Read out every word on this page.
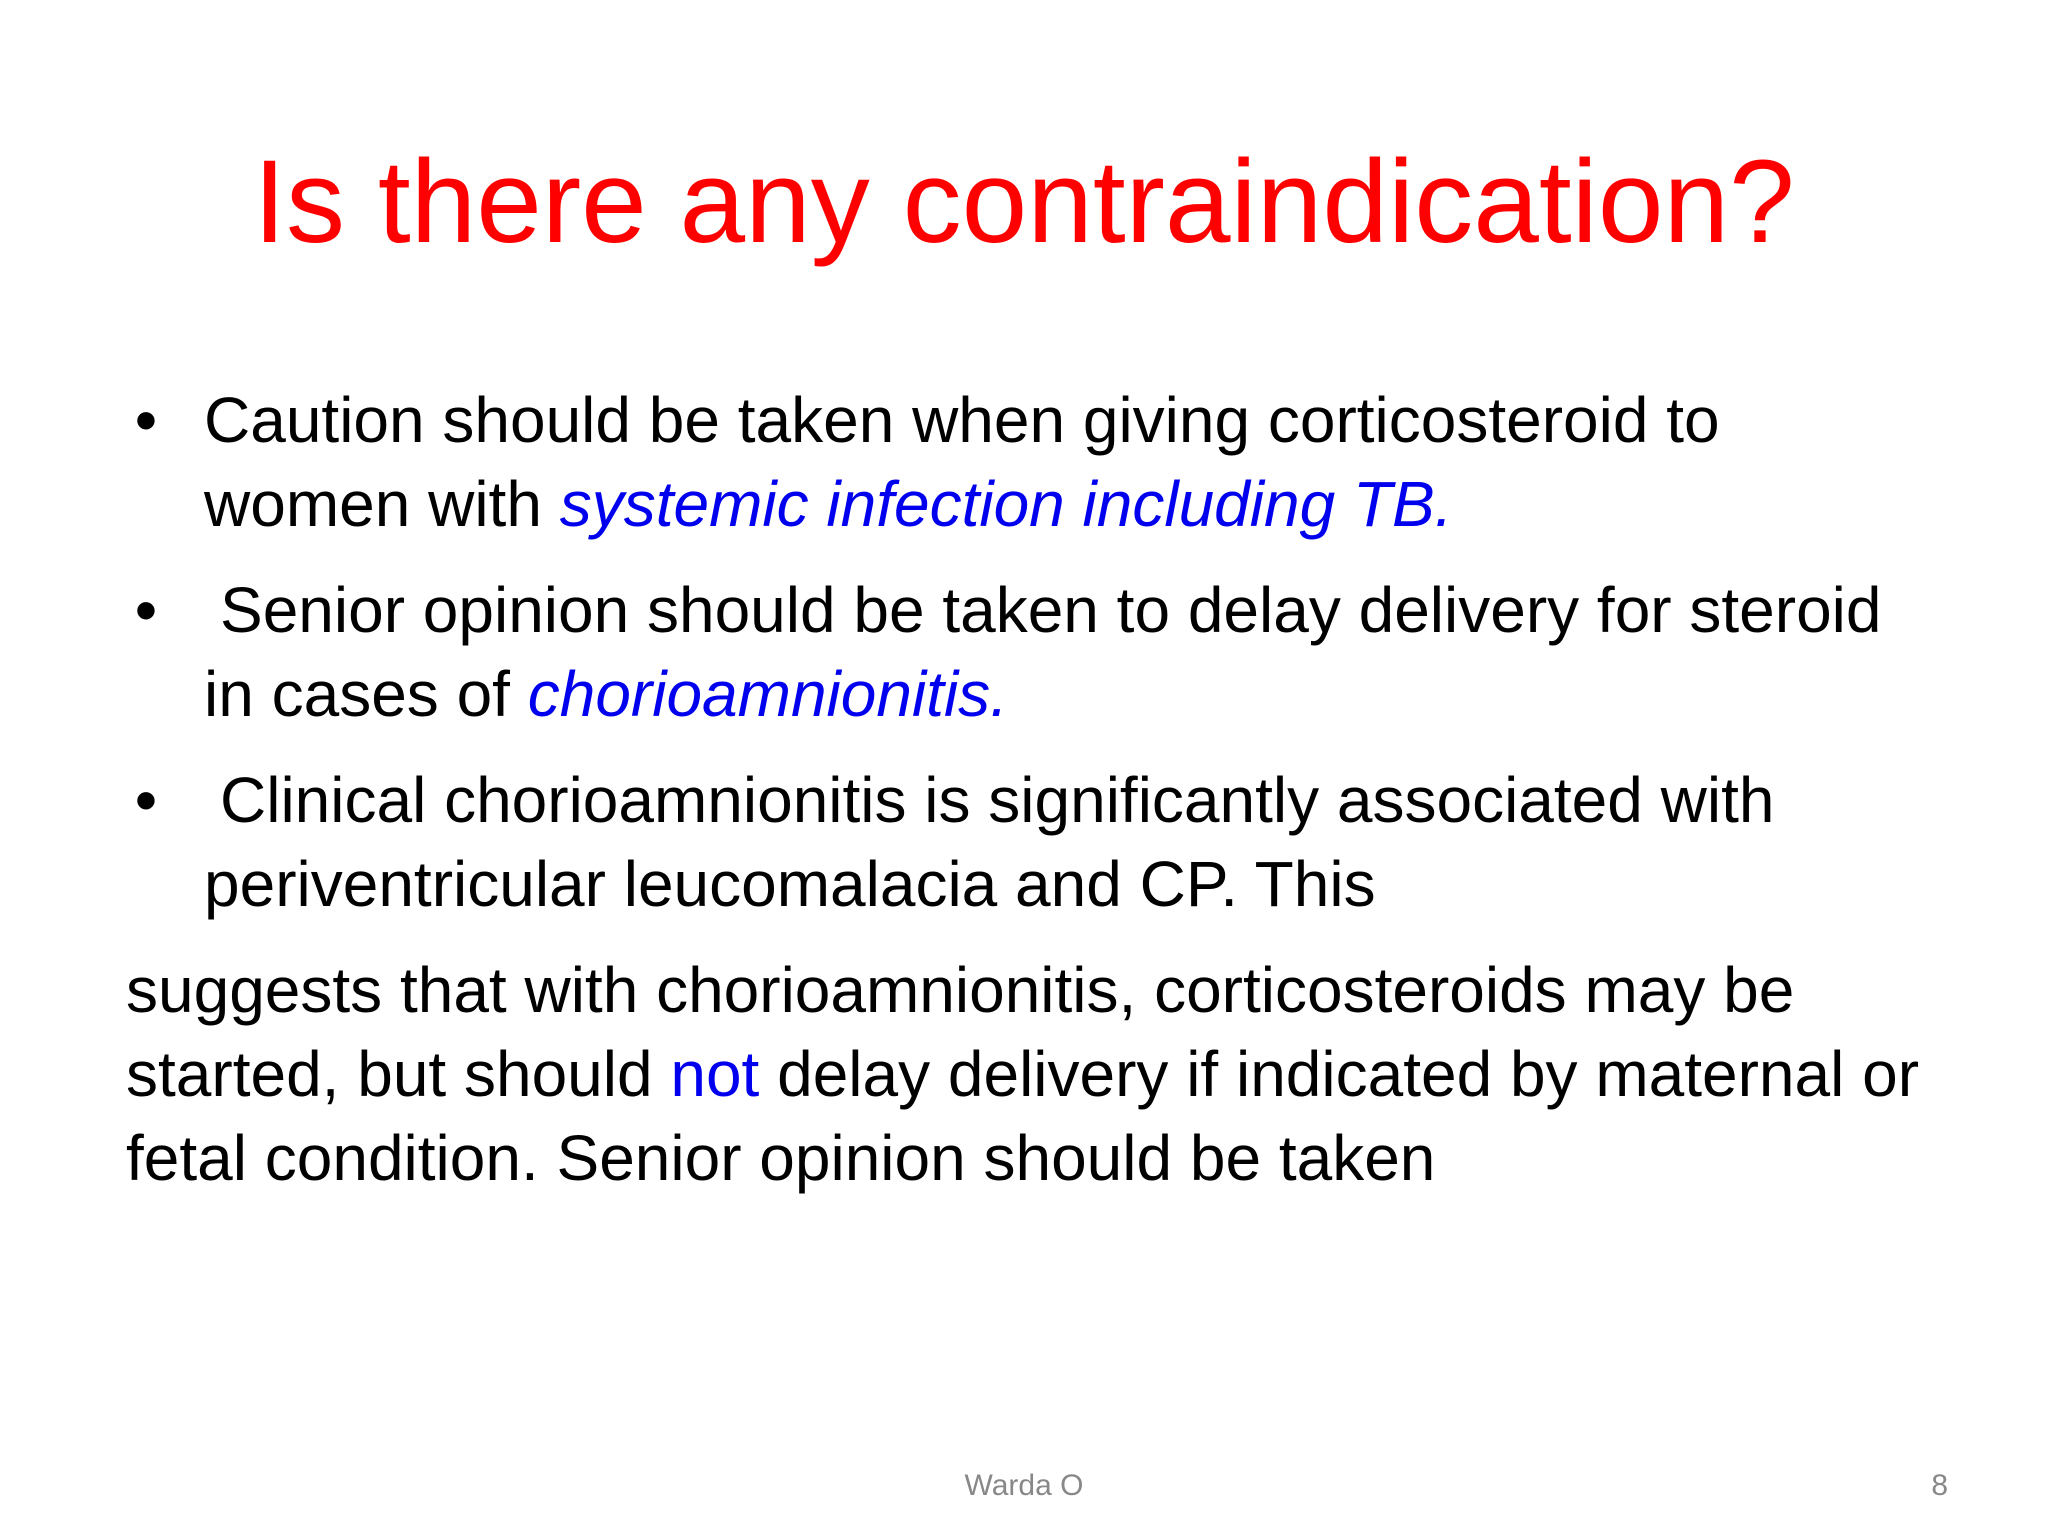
Is there any contraindication?
• Caution should be taken when giving corticosteroid to women with systemic infection including TB.
• Senior opinion should be taken to delay delivery for steroid in cases of chorioamnionitis.
• Clinical chorioamnionitis is significantly associated with periventricular leucomalacia and CP. This

suggests that with chorioamnionitis, corticosteroids may be started, but should not delay delivery if indicated by maternal or fetal condition. Senior opinion should be taken

Warda O	8
